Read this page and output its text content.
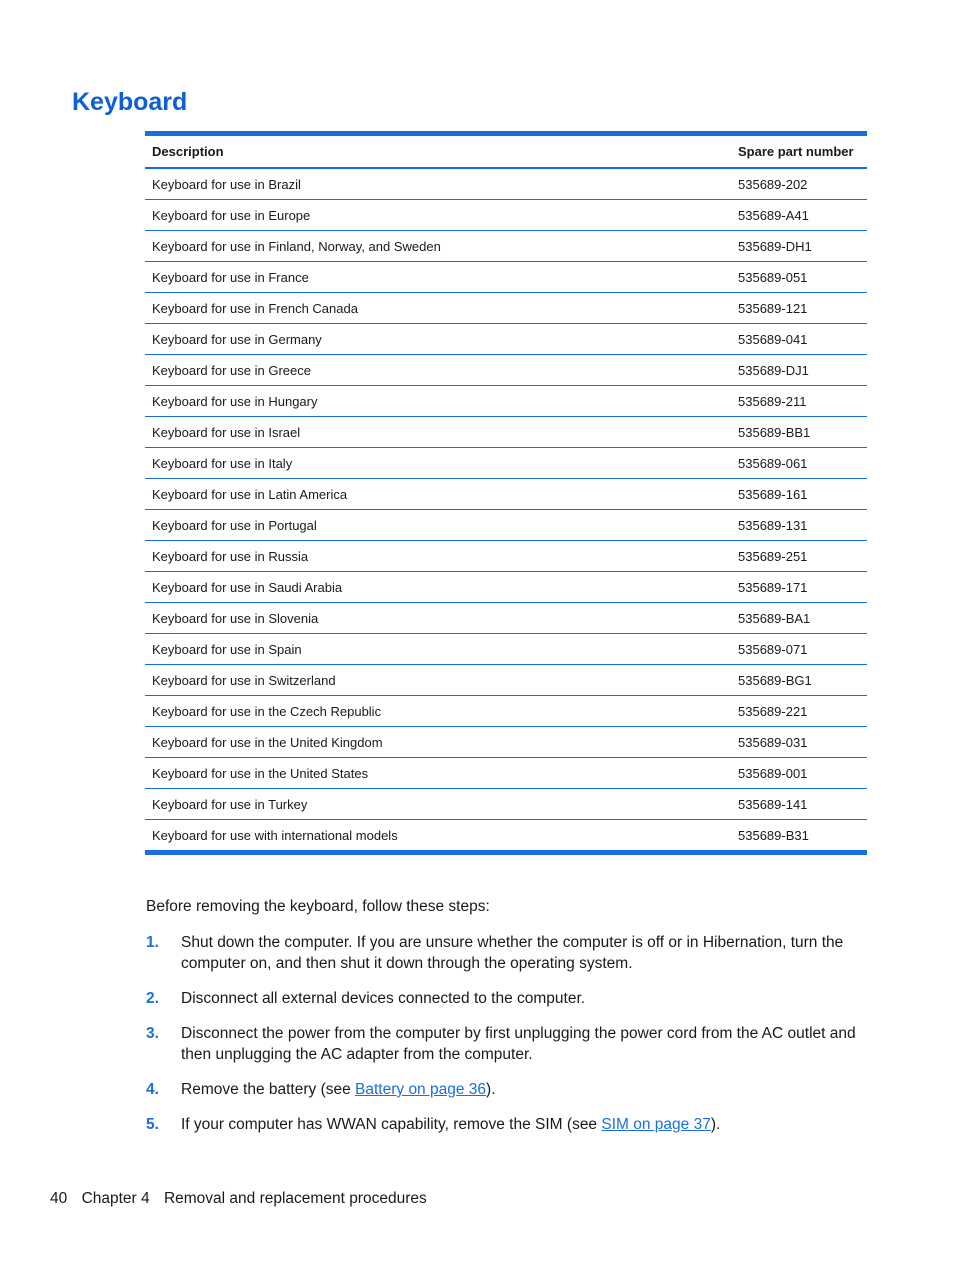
Keyboard
Description	Spare part number
Keyboard for use in Brazil	535689-202
Keyboard for use in Europe	535689-A41
Keyboard for use in Finland, Norway, and Sweden	535689-DH1
Keyboard for use in France	535689-051
Keyboard for use in French Canada	535689-121
Keyboard for use in Germany	535689-041
Keyboard for use in Greece	535689-DJ1
Keyboard for use in Hungary	535689-211
Keyboard for use in Israel	535689-BB1
Keyboard for use in Italy	535689-061
Keyboard for use in Latin America	535689-161
Keyboard for use in Portugal	535689-131
Keyboard for use in Russia	535689-251
Keyboard for use in Saudi Arabia	535689-171
Keyboard for use in Slovenia	535689-BA1
Keyboard for use in Spain	535689-071
Keyboard for use in Switzerland	535689-BG1
Keyboard for use in the Czech Republic	535689-221
Keyboard for use in the United Kingdom	535689-031
Keyboard for use in the United States	535689-001
Keyboard for use in Turkey	535689-141
Keyboard for use with international models	535689-B31

Before removing the keyboard, follow these steps:

1. Shut down the computer. If you are unsure whether the computer is off or in Hibernation, turn the computer on, and then shut it down through the operating system.
2. Disconnect all external devices connected to the computer.
3. Disconnect the power from the computer by first unplugging the power cord from the AC outlet and then unplugging the AC adapter from the computer.
4. Remove the battery (see Battery on page 36).
5. If your computer has WWAN capability, remove the SIM (see SIM on page 37).
40 Chapter 4 Removal and replacement procedures
